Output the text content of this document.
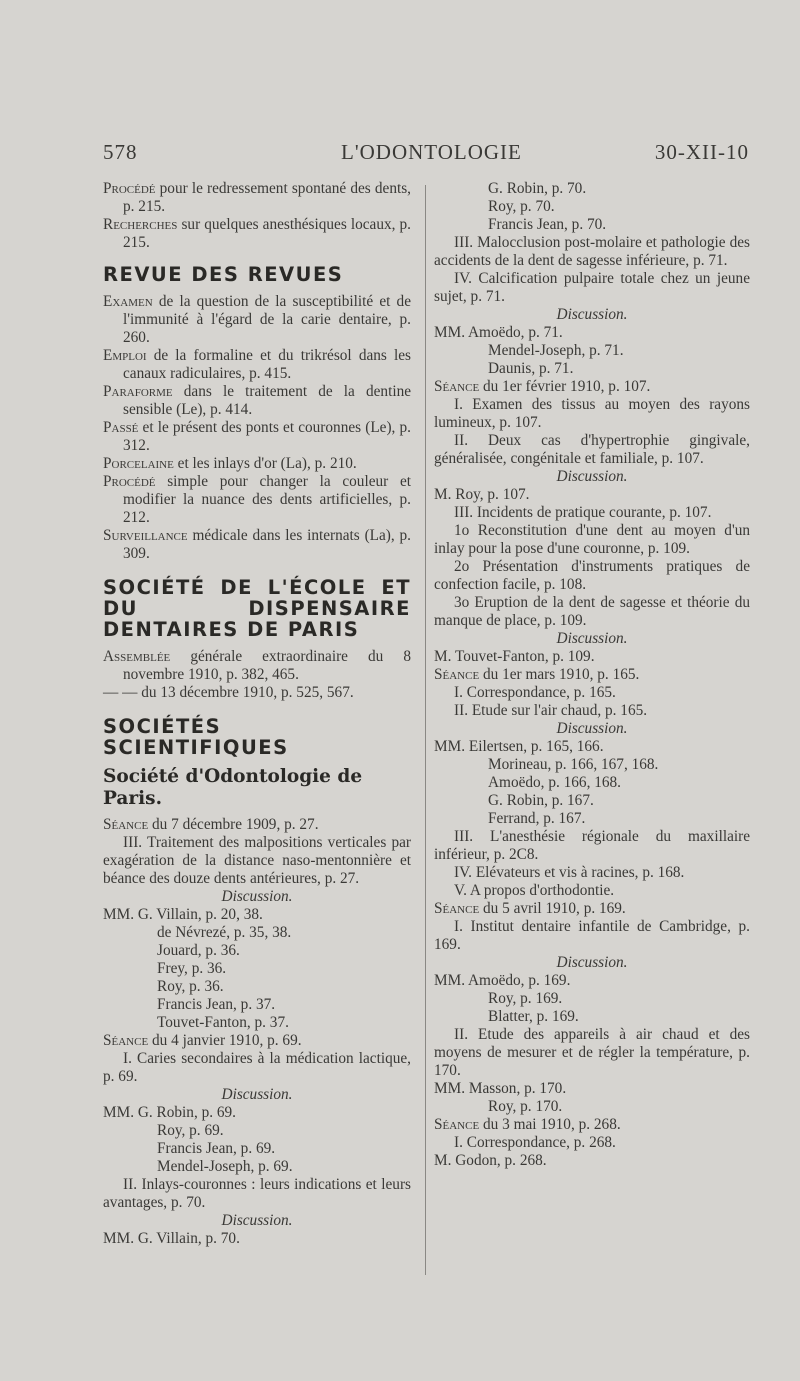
578	L'ODONTOLOGIE	30-XII-10

Procédé pour le redressement spontané des dents, p. 215.

Recherches sur quelques anesthésiques locaux, p. 215.

REVUE DES REVUES

Examen de la question de la susceptibilité et de l'immunité à l'égard de la carie dentaire, p. 260.

Emploi de la formaline et du trikrésol dans les canaux radiculaires, p. 415.

Paraforme dans le traitement de la dentine sensible (Le), p. 414.

Passé et le présent des ponts et couronnes (Le), p. 312.

Porcelaine et les inlays d'or (La), p. 210.

Procédé simple pour changer la couleur et modifier la nuance des dents artificielles, p. 212.

Surveillance médicale dans les internats (La), p. 309.

SOCIÉTÉ DE L'ÉCOLE ET DU DISPENSAIRE DENTAIRES DE PARIS

Assemblée générale extraordinaire du 8 novembre 1910, p. 382, 465.

— — du 13 décembre 1910, p. 525, 567.

SOCIÉTÉS SCIENTIFIQUES
Société d'Odontologie de Paris.

Séance du 7 décembre 1909, p. 27.

III. Traitement des malpositions verticales par exagération de la distance naso-mentonnière et béance des douze dents antérieures, p. 27.

Discussion.
MM. G. Villain, p. 20, 38.
de Névrezé, p. 35, 38.
Jouard, p. 36.
Frey, p. 36.
Roy, p. 36.
Francis Jean, p. 37.
Touvet-Fanton, p. 37.

Séance du 4 janvier 1910, p. 69.

I. Caries secondaires à la médication lactique, p. 69.

Discussion.
MM. G. Robin, p. 69.
Roy, p. 69.
Francis Jean, p. 69.
Mendel-Joseph, p. 69.

II. Inlays-couronnes : leurs indications et leurs avantages, p. 70.

Discussion.
MM. G. Villain, p. 70.
G. Robin, p. 70.
Roy, p. 70.
Francis Jean, p. 70.

III. Malocclusion post-molaire et pathologie des accidents de la dent de sagesse inférieure, p. 71.

IV. Calcification pulpaire totale chez un jeune sujet, p. 71.

Discussion.
MM. Amoëdo, p. 71.
Mendel-Joseph, p. 71.
Daunis, p. 71.

Séance du 1er février 1910, p. 107.

I. Examen des tissus au moyen des rayons lumineux, p. 107.

II. Deux cas d'hypertrophie gingivale, généralisée, congénitale et familiale, p. 107.

Discussion.
M. Roy, p. 107.

III. Incidents de pratique courante, p. 107.

1o Reconstitution d'une dent au moyen d'un inlay pour la pose d'une couronne, p. 109.

2o Présentation d'instruments pratiques de confection facile, p. 108.

3o Eruption de la dent de sagesse et théorie du manque de place, p. 109.

Discussion.
M. Touvet-Fanton, p. 109.

Séance du 1er mars 1910, p. 165.

I. Correspondance, p. 165.

II. Etude sur l'air chaud, p. 165.

Discussion.
MM. Eilertsen, p. 165, 166.
Morineau, p. 166, 167, 168.
Amoëdo, p. 166, 168.
G. Robin, p. 167.
Ferrand, p. 167.

III. L'anesthésie régionale du maxillaire inférieur, p. 2C8.

IV. Elévateurs et vis à racines, p. 168.

V. A propos d'orthodontie.

Séance du 5 avril 1910, p. 169.

I. Institut dentaire infantile de Cambridge, p. 169.

Discussion.
MM. Amoëdo, p. 169.
Roy, p. 169.
Blatter, p. 169.

II. Etude des appareils à air chaud et des moyens de mesurer et de régler la température, p. 170.

MM. Masson, p. 170.
Roy, p. 170.

Séance du 3 mai 1910, p. 268.

I. Correspondance, p. 268.

M. Godon, p. 268.
